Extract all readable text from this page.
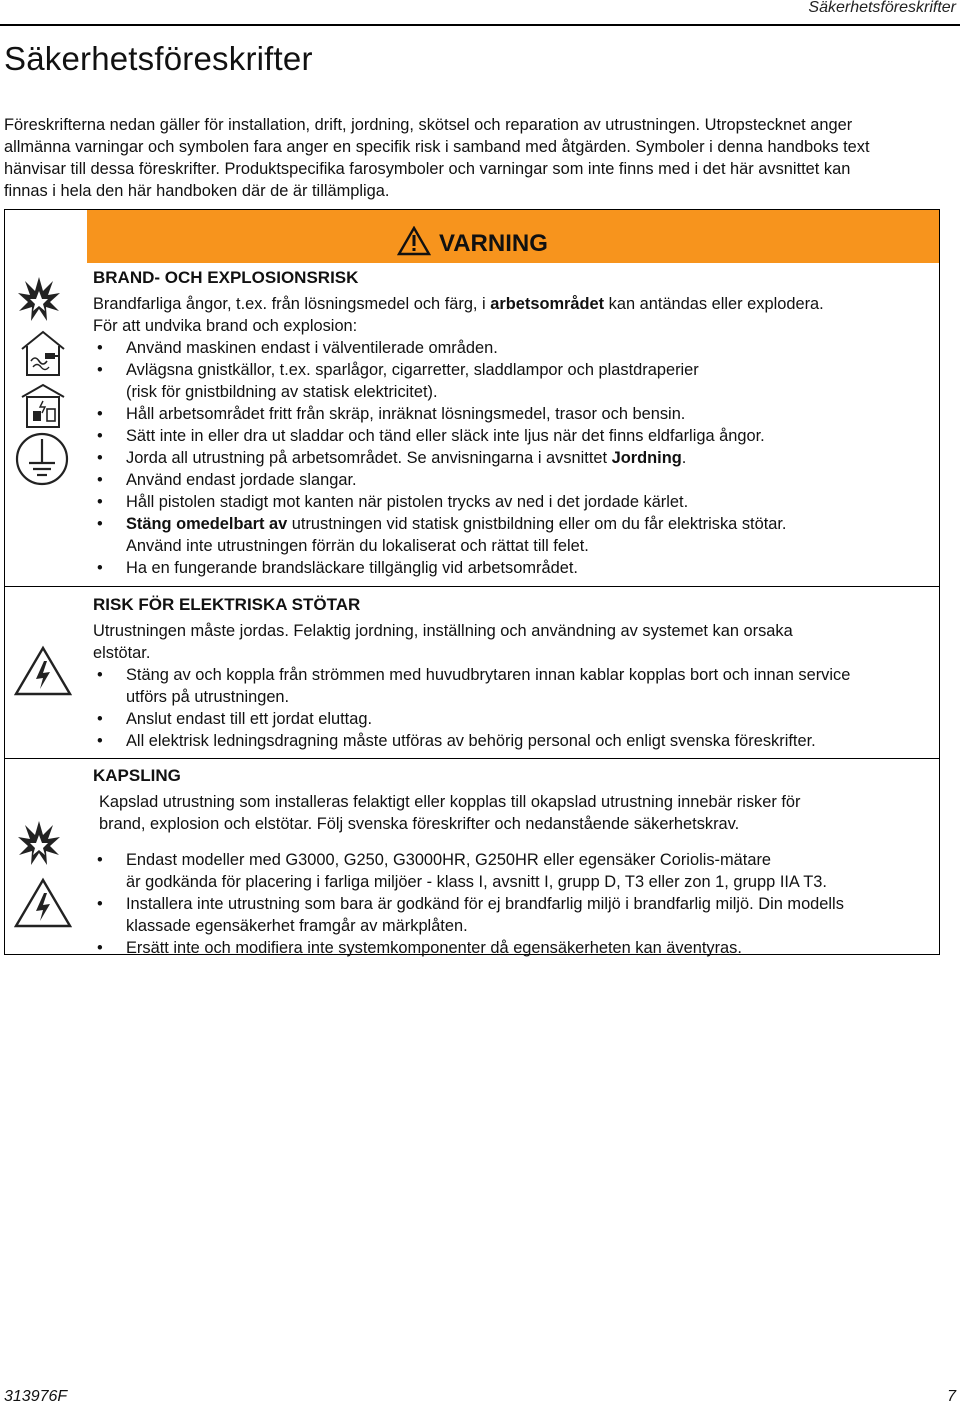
Säkerhetsföreskrifter
Säkerhetsföreskrifter

Föreskrifterna nedan gäller för installation, drift, jordning, skötsel och reparation av utrustningen. Utropstecknet anger
allmänna varningar och symbolen fara anger en specifik risk i samband med åtgärden. Symboler i denna handboks text
hänvisar till dessa föreskrifter. Produktspecifika farosymboler och varningar som inte finns med i det här avsnittet kan
finnas i hela den här handboken där de är tillämpliga.

VARNING
BRAND- OCH EXPLOSIONSRISK

Brandfarliga ångor, t.ex. från lösningsmedel och färg, i arbetsområdet kan antändas eller explodera.

För att undvika brand och explosion:

• Använd maskinen endast i välventilerade områden.
• Avlägsna gnistkällor, t.ex. sparlågor, cigarretter, sladdlampor och plastdraperier
(risk för gnistbildning av statisk elektricitet).
• Håll arbetsområdet fritt från skräp, inräknat lösningsmedel, trasor och bensin.
• Sätt inte in eller dra ut sladdar och tänd eller släck inte ljus när det finns eldfarliga ångor.
• Jorda all utrustning på arbetsområdet. Se anvisningarna i avsnittet Jordning.
• Använd endast jordade slangar.
• Håll pistolen stadigt mot kanten när pistolen trycks av ned i det jordade kärlet.
• Stäng omedelbart av utrustningen vid statisk gnistbildning eller om du får elektriska stötar.
Använd inte utrustningen förrän du lokaliserat och rättat till felet.
• Ha en fungerande brandsläckare tillgänglig vid arbetsområdet.
RISK FÖR ELEKTRISKA STÖTAR

Utrustningen måste jordas. Felaktig jordning, inställning och användning av systemet kan orsaka
elstötar.

• Stäng av och koppla från strömmen med huvudbrytaren innan kablar kopplas bort och innan service
utförs på utrustningen.
• Anslut endast till ett jordat eluttag.
• All elektrisk ledningsdragning måste utföras av behörig personal och enligt svenska föreskrifter.
KAPSLING

Kapslad utrustning som installeras felaktigt eller kopplas till okapslad utrustning innebär risker för
brand, explosion och elstötar. Följ svenska föreskrifter och nedanstående säkerhetskrav.

• Endast modeller med G3000, G250, G3000HR, G250HR eller egensäker Coriolis-mätare
är godkända för placering i farliga miljöer - klass I, avsnitt I, grupp D, T3 eller zon 1, grupp IIA T3.
• Installera inte utrustning som bara är godkänd för ej brandfarlig miljö i brandfarlig miljö. Din modells
klassade egensäkerhet framgår av märkplåten.
• Ersätt inte och modifiera inte systemkomponenter då egensäkerheten kan äventyras.
313976F	7
